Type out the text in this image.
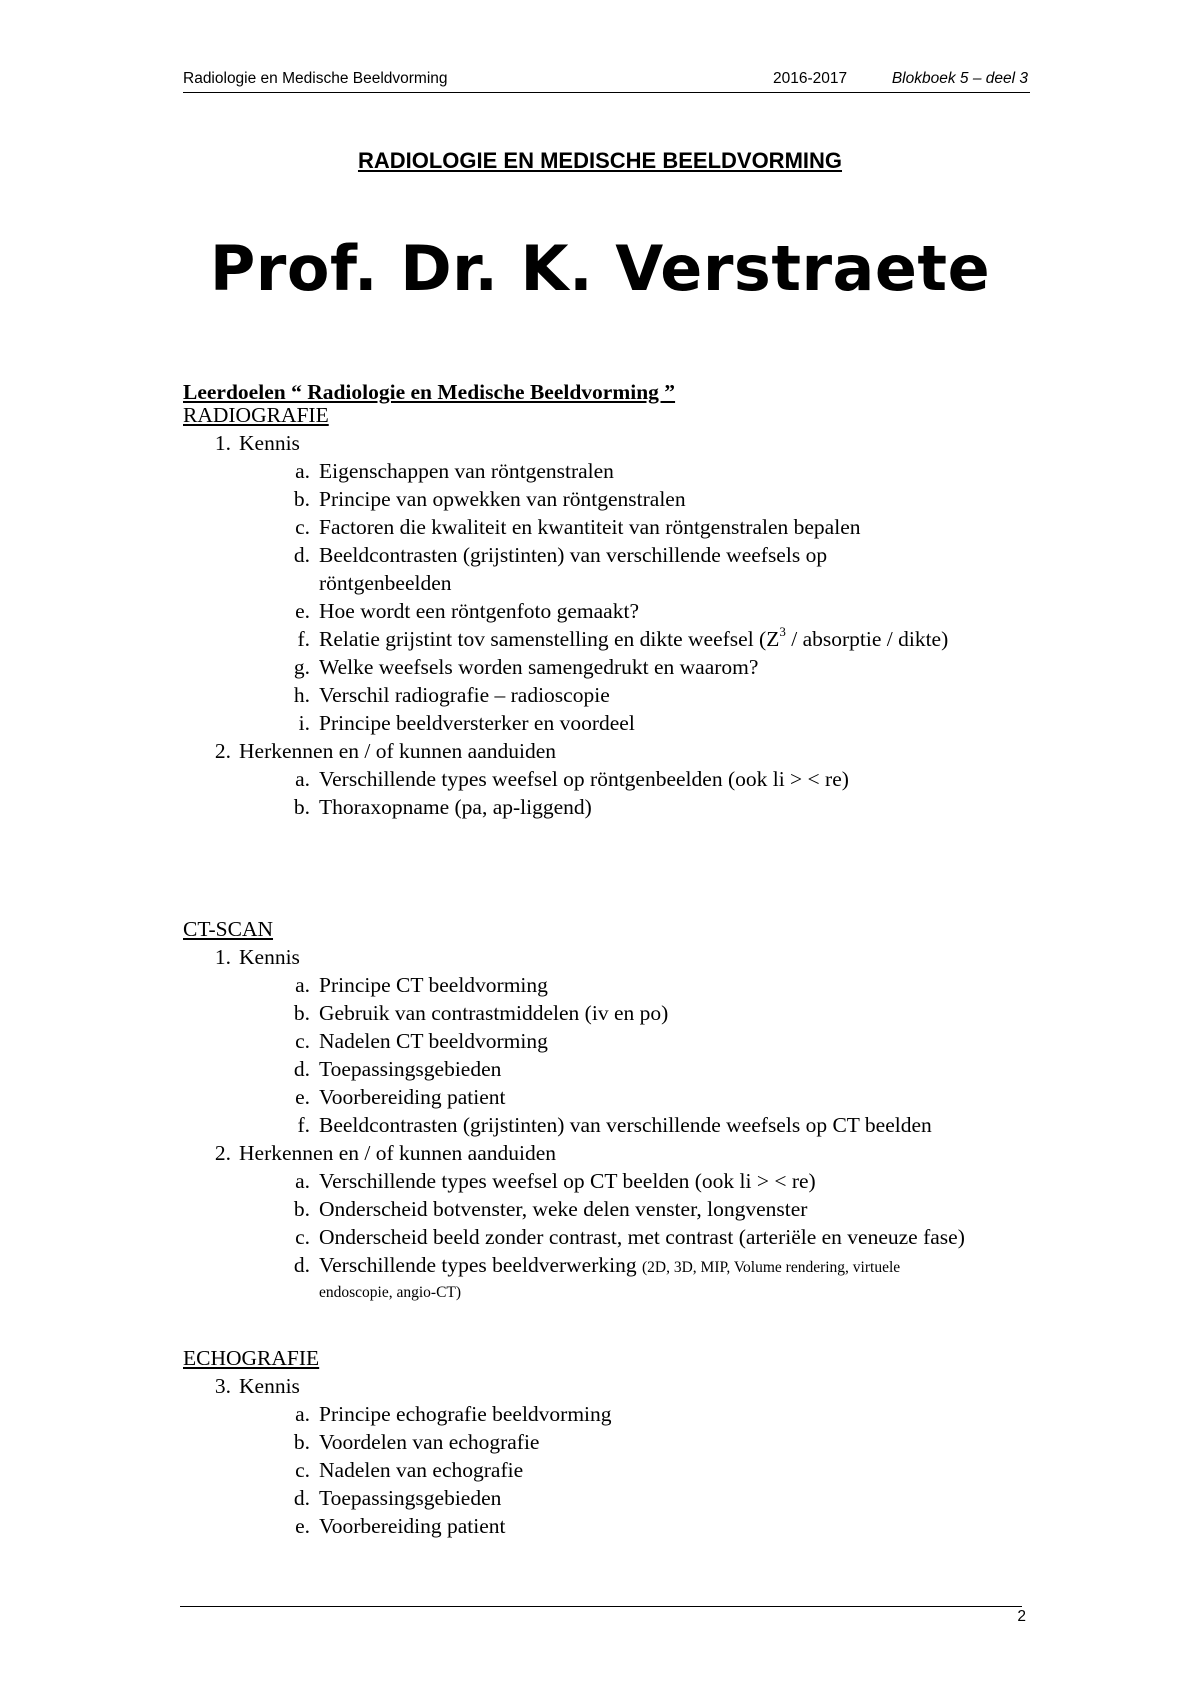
Radiologie en Medische Beeldvorming	2016-2017	Blokboek 5 – deel 3
RADIOLOGIE EN MEDISCHE BEELDVORMING
Prof. Dr. K. Verstraete
Leerdoelen “ Radiologie en Medische Beeldvorming ”
RADIOGRAFIE
1. Kennis
a. Eigenschappen van röntgenstralen
b. Principe van opwekken van röntgenstralen
c. Factoren die kwaliteit en kwantiteit van röntgenstralen bepalen
d. Beeldcontrasten (grijstinten) van verschillende weefsels op röntgenbeelden
e. Hoe wordt een röntgenfoto gemaakt?
f. Relatie grijstint tov samenstelling en dikte weefsel ($Z^3$ / absorptie / dikte)
g. Welke weefsels worden samengedrukt en waarom?
h. Verschil radiografie – radioscopie
i. Principe beeldversterker en voordeel
2. Herkennen en / of kunnen aanduiden
a. Verschillende types weefsel op röntgenbeelden (ook li > < re)
b. Thoraxopname (pa, ap-liggend)
CT-SCAN
1. Kennis
a. Principe CT beeldvorming
b. Gebruik van contrastmiddelen (iv en po)
c. Nadelen CT beeldvorming
d. Toepassingsgebieden
e. Voorbereiding patient
f. Beeldcontrasten (grijstinten) van verschillende weefsels op CT beelden
2. Herkennen en / of kunnen aanduiden
a. Verschillende types weefsel op CT beelden (ook li > < re)
b. Onderscheid botvenster, weke delen venster, longvenster
c. Onderscheid beeld zonder contrast, met contrast (arteriële en veneuze fase)
d. Verschillende types beeldverwerking (2D, 3D, MIP, Volume rendering, virtuele endoscopie, angio-CT)
ECHOGRAFIE
3. Kennis
a. Principe echografie beeldvorming
b. Voordelen van echografie
c. Nadelen van echografie
d. Toepassingsgebieden
e. Voorbereiding patient
2
